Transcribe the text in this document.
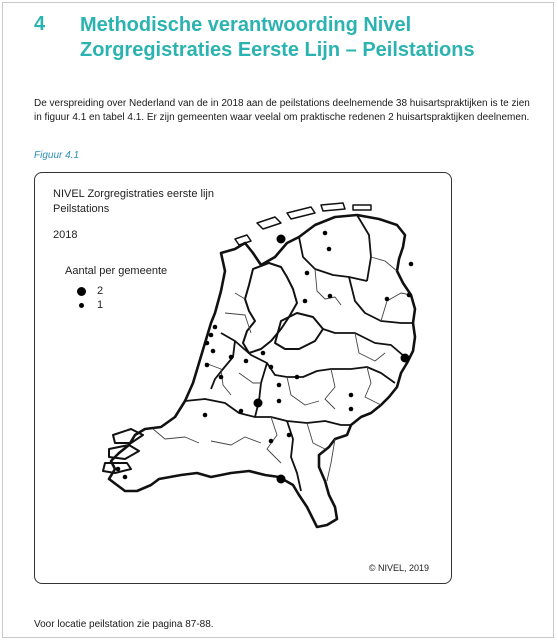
4 Methodische verantwoording Nivel Zorgregistraties Eerste Lijn – Peilstations

De verspreiding over Nederland van de in 2018 aan de peilstations deelnemende 38 huisartspraktijken is te zien in figuur 4.1 en tabel 4.1. Er zijn gemeenten waar veelal om praktische redenen 2 huisartspraktijken deelnemen.

Figuur 4.1
NIVEL Zorgregistraties eerste lijn Peilstations
2018
Aantal per gemeente
2
1
© NIVEL, 2019
Voor locatie peilstation zie pagina 87-88.
